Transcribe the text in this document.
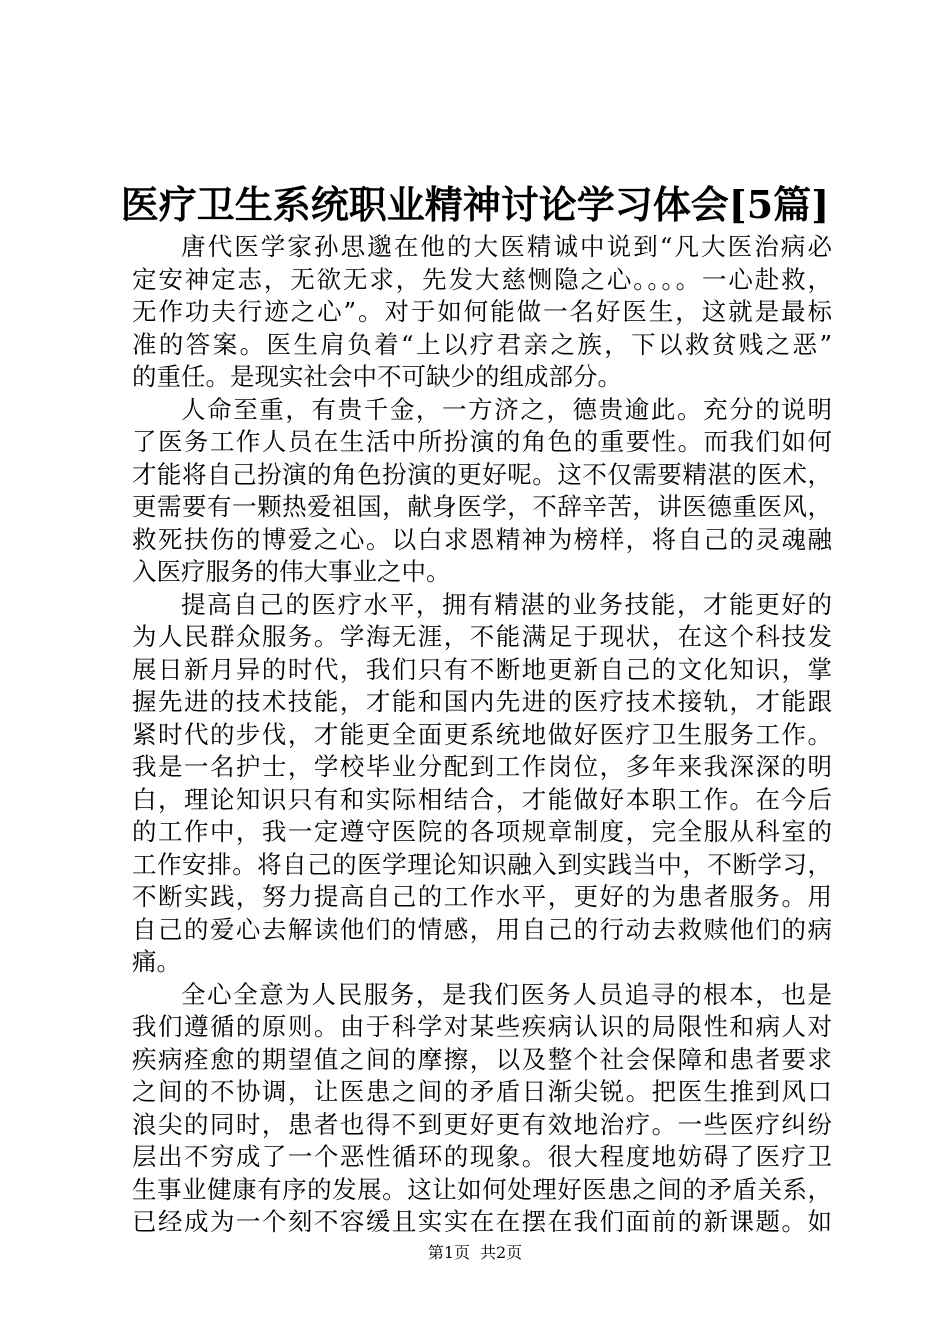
医疗卫生系统职业精神讨论学习体会[5篇]
唐代医学家孙思邈在他的大医精诚中说到“凡大医治病必
定安神定志，无欲无求，先发大慈恻隐之心。。。。一心赴救，
无作功夫行迹之心”。对于如何能做一名好医生，这就是最标
准的答案。医生肩负着“上以疗君亲之族，下以救贫贱之恶”
的重任。是现实社会中不可缺少的组成部分。
人命至重，有贵千金，一方济之，德贵逾此。充分的说明
了医务工作人员在生活中所扮演的角色的重要性。而我们如何
才能将自己扮演的角色扮演的更好呢。这不仅需要精湛的医术，
更需要有一颗热爱祖国，献身医学，不辞辛苦，讲医德重医风，
救死扶伤的博爱之心。以白求恩精神为榜样，将自己的灵魂融
入医疗服务的伟大事业之中。
提高自己的医疗水平，拥有精湛的业务技能，才能更好的
为人民群众服务。学海无涯，不能满足于现状，在这个科技发
展日新月异的时代，我们只有不断地更新自己的文化知识，掌
握先进的技术技能，才能和国内先进的医疗技术接轨，才能跟
紧时代的步伐，才能更全面更系统地做好医疗卫生服务工作。
我是一名护士，学校毕业分配到工作岗位，多年来我深深的明
白，理论知识只有和实际相结合，才能做好本职工作。在今后
的工作中，我一定遵守医院的各项规章制度，完全服从科室的
工作安排。将自己的医学理论知识融入到实践当中，不断学习，
不断实践，努力提高自己的工作水平，更好的为患者服务。用
自己的爱心去解读他们的情感，用自己的行动去救赎他们的病
痛。
全心全意为人民服务，是我们医务人员追寻的根本，也是
我们遵循的原则。由于科学对某些疾病认识的局限性和病人对
疾病痊愈的期望值之间的摩擦，以及整个社会保障和患者要求
之间的不协调，让医患之间的矛盾日渐尖锐。把医生推到风口
浪尖的同时，患者也得不到更好更有效地治疗。一些医疗纠纷
层出不穷成了一个恶性循环的现象。很大程度地妨碍了医疗卫
生事业健康有序的发展。这让如何处理好医患之间的矛盾关系，
已经成为一个刻不容缓且实实在在摆在我们面前的新课题。如
第1页 共2页
